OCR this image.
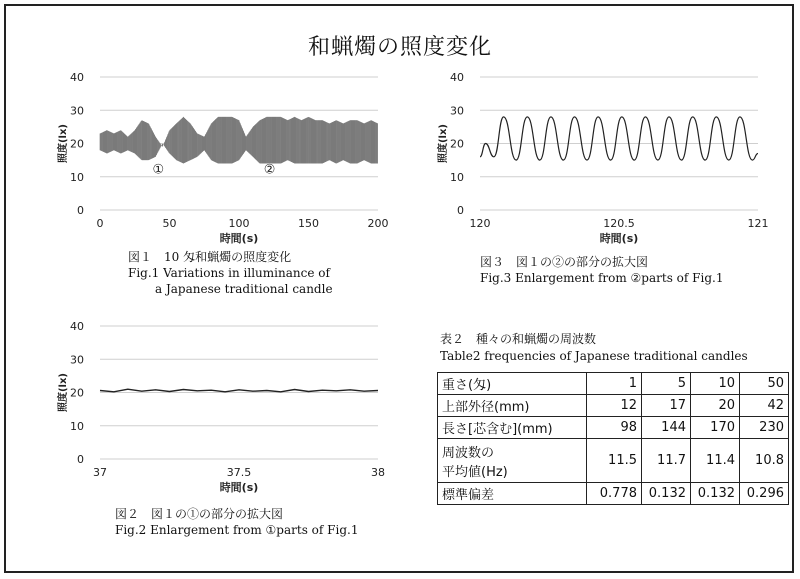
和蝋燭の照度変化
0
10
20
30
40
0	50	100	150	200
時間(s)
照度(lx)
①	②
図１　10 匁和蝋燭の照度変化
Fig.1 Variations in illuminance of
a Japanese traditional candle
0
10
20
30
40
120	120.5	121
時間(s)
照度(lx)
図３　図１の②の部分の拡大図
Fig.3 Enlargement from ②parts of Fig.1
0
10
20
30
40
37	37.5	38
時間(s)
照度(lx)
図２　図１の①の部分の拡大図
Fig.2 Enlargement from ①parts of Fig.1
表２　種々の和蝋燭の周波数
Table2 frequencies of Japanese traditional candles
重さ(匁)	1	5	10	50
上部外径(mm)	12	17	20	42
長さ[芯含む](mm)	98	144	170	230

周波数の
平均値(Hz)	11.5	11.7	11.4	10.8
標準偏差	0.778	0.132	0.132	0.296
